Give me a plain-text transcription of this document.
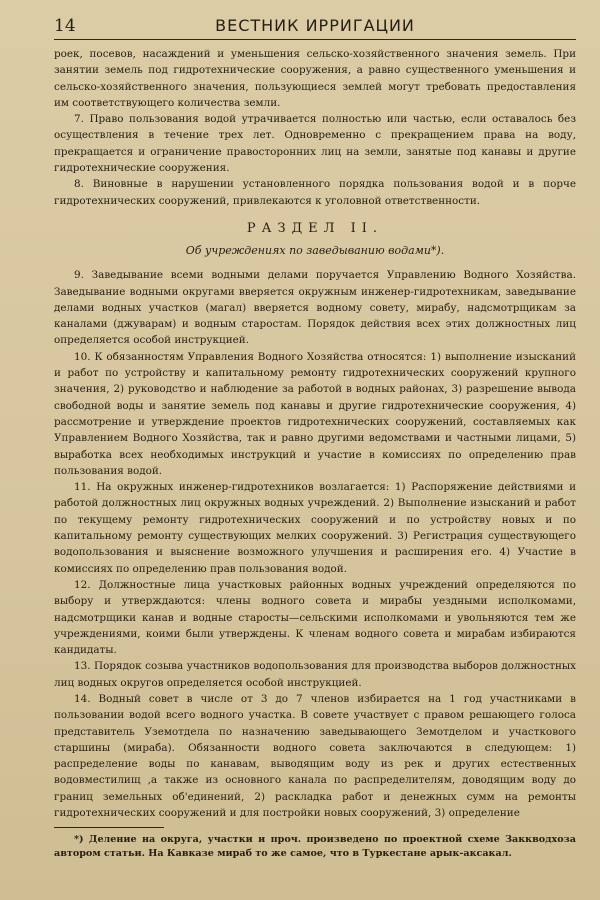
14	ВЕСТНИК ИРРИГАЦИИ

роек, посевов, насаждений и уменьшения сельско-хозяйственного значения земель. При занятии земель под гидротехнические сооружения, а равно существенного уменьшения и сельско-хозяйственного значения, пользующиеся землей могут требовать предоставления им соответствующего количества земли.

7. Право пользования водой утрачивается полностью или частью, если оставалось без осуществления в течение трех лет. Одновременно с прекращением права на воду, прекращается и ограничение правосторонних лиц на земли, занятые под канавы и другие гидротехнические сооружения.

8. Виновные в нарушении установленного порядка пользования водой и в порче гидротехнических сооружений, привлекаются к уголовной ответственности.

РАЗДЕЛ II.

Об учреждениях по заведыванию водами*).

9. Заведывание всеми водными делами поручается Управлению Водного Хозяйства. Заведывание водными округами вверяется окружным инженер-гидротехникам, заведывание делами водных участков (магал) вверяется водному совету, мирабу, надсмотрщикам за каналами (джуварам) и водным старостам. Порядок действия всех этих должностных лиц определяется особой инструкцией.

10. К обязанностям Управления Водного Хозяйства относятся: 1) выполнение изысканий и работ по устройству и капитальному ремонту гидротехнических сооружений крупного значения, 2) руководство и наблюдение за работой в водных районах, 3) разрешение вывода свободной воды и занятие земель под канавы и другие гидротехнические сооружения, 4) рассмотрение и утверждение проектов гидротехнических сооружений, составляемых как Управлением Водного Хозяйства, так и равно другими ведомствами и частными лицами, 5) выработка всех необходимых инструкций и участие в комиссиях по определению прав пользования водой.

11. На окружных инженер-гидротехников возлагается: 1) Распоряжение действиями и работой должностных лиц окружных водных учреждений. 2) Выполнение изысканий и работ по текущему ремонту гидротехнических сооружений и по устройству новых и по капитальному ремонту существующих мелких сооружений. 3) Регистрация существующего водопользования и выяснение возможного улучшения и расширения его. 4) Участие в комиссиях по определению прав пользования водой.

12. Должностные лица участковых районных водных учреждений определяются по выбору и утверждаются: члены водного совета и мирабы уездными исполкомами, надсмотрщики канав и водные старосты—сельскими исполкомами и увольняются тем же учреждениями, коими были утверждены. К членам водного совета и мирабам избираются кандидаты.

13. Порядок созыва участников водопользования для производства выборов должностных лиц водных округов определяется особой инструкцией.

14. Водный совет в числе от 3 до 7 членов избирается на 1 год участниками в пользовании водой всего водного участка. В совете участвует с правом решающего голоса представитель Уземотдела по назначению заведывающего Земотделом и участкового старшины (мираба). Обязанности водного совета заключаются в следующем: 1) распределение воды по канавам, выводящим воду из рек и других естественных водовместилищ ,а также из основного канала по распределителям, доводящим воду до границ земельных об'единений, 2) раскладка работ и денежных сумм на ремонты гидротехнических сооружений и для постройки новых сооружений, 3) определение

*) Деление на округа, участки и проч. произведено по проектной схеме Заккводхоза автором статьи. На Кавказе мираб то же самое, что в Туркестане арык-аксакал.
